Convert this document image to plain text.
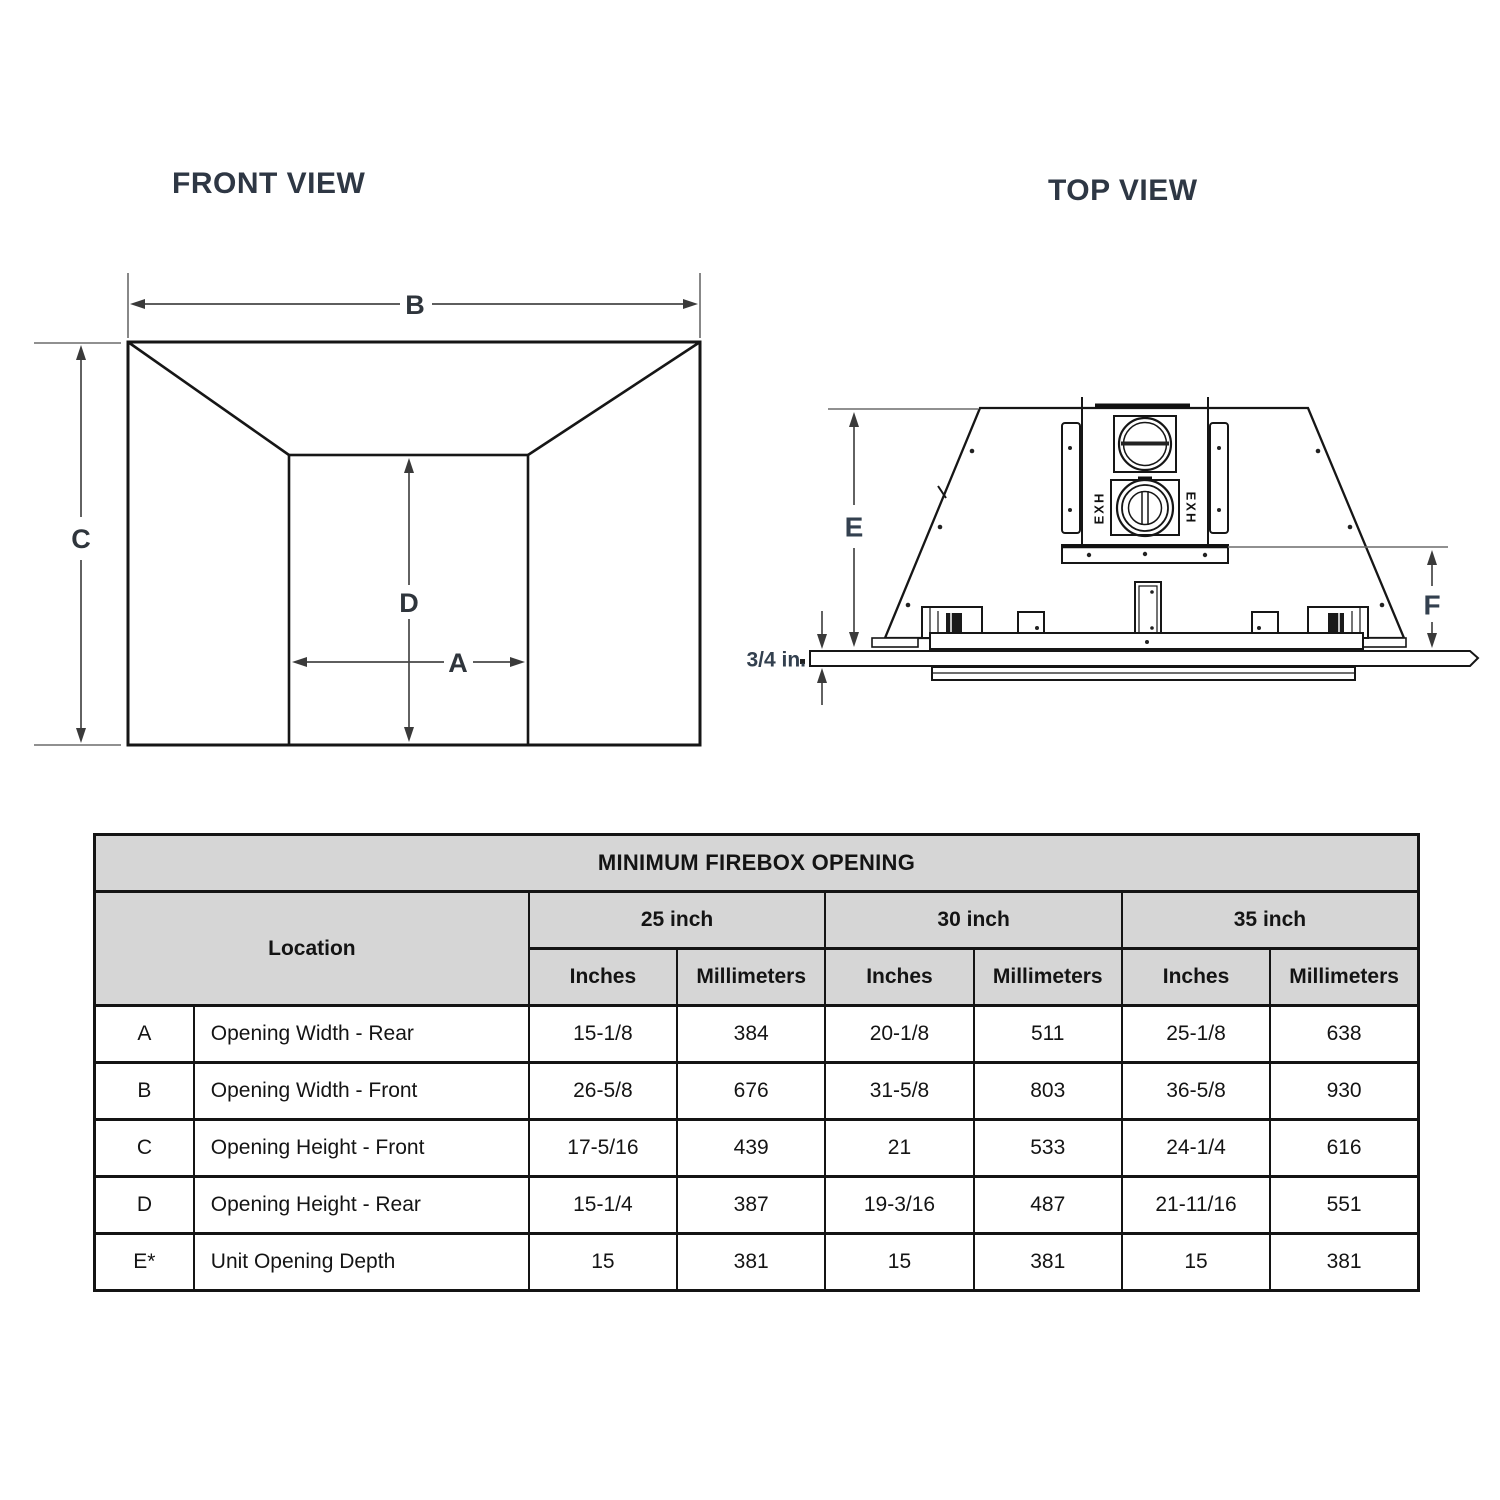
FRONT VIEW	TOP VIEW
B
C
D
A
E
EXH	EXH
F
3/4 in.
MINIMUM FIREBOX OPENING							
Location		25 inch		30 inch		35 inch	
		Inches	Millimeters	Inches	Millimeters	Inches	Millimeters
A	Opening Width - Rear	15-1/8	384	20-1/8	511	25-1/8	638
B	Opening Width - Front	26-5/8	676	31-5/8	803	36-5/8	930
C	Opening Height - Front	17-5/16	439	21	533	24-1/4	616
D	Opening Height - Rear	15-1/4	387	19-3/16	487	21-11/16	551
E*	Unit Opening Depth	15	381	15	381	15	381
